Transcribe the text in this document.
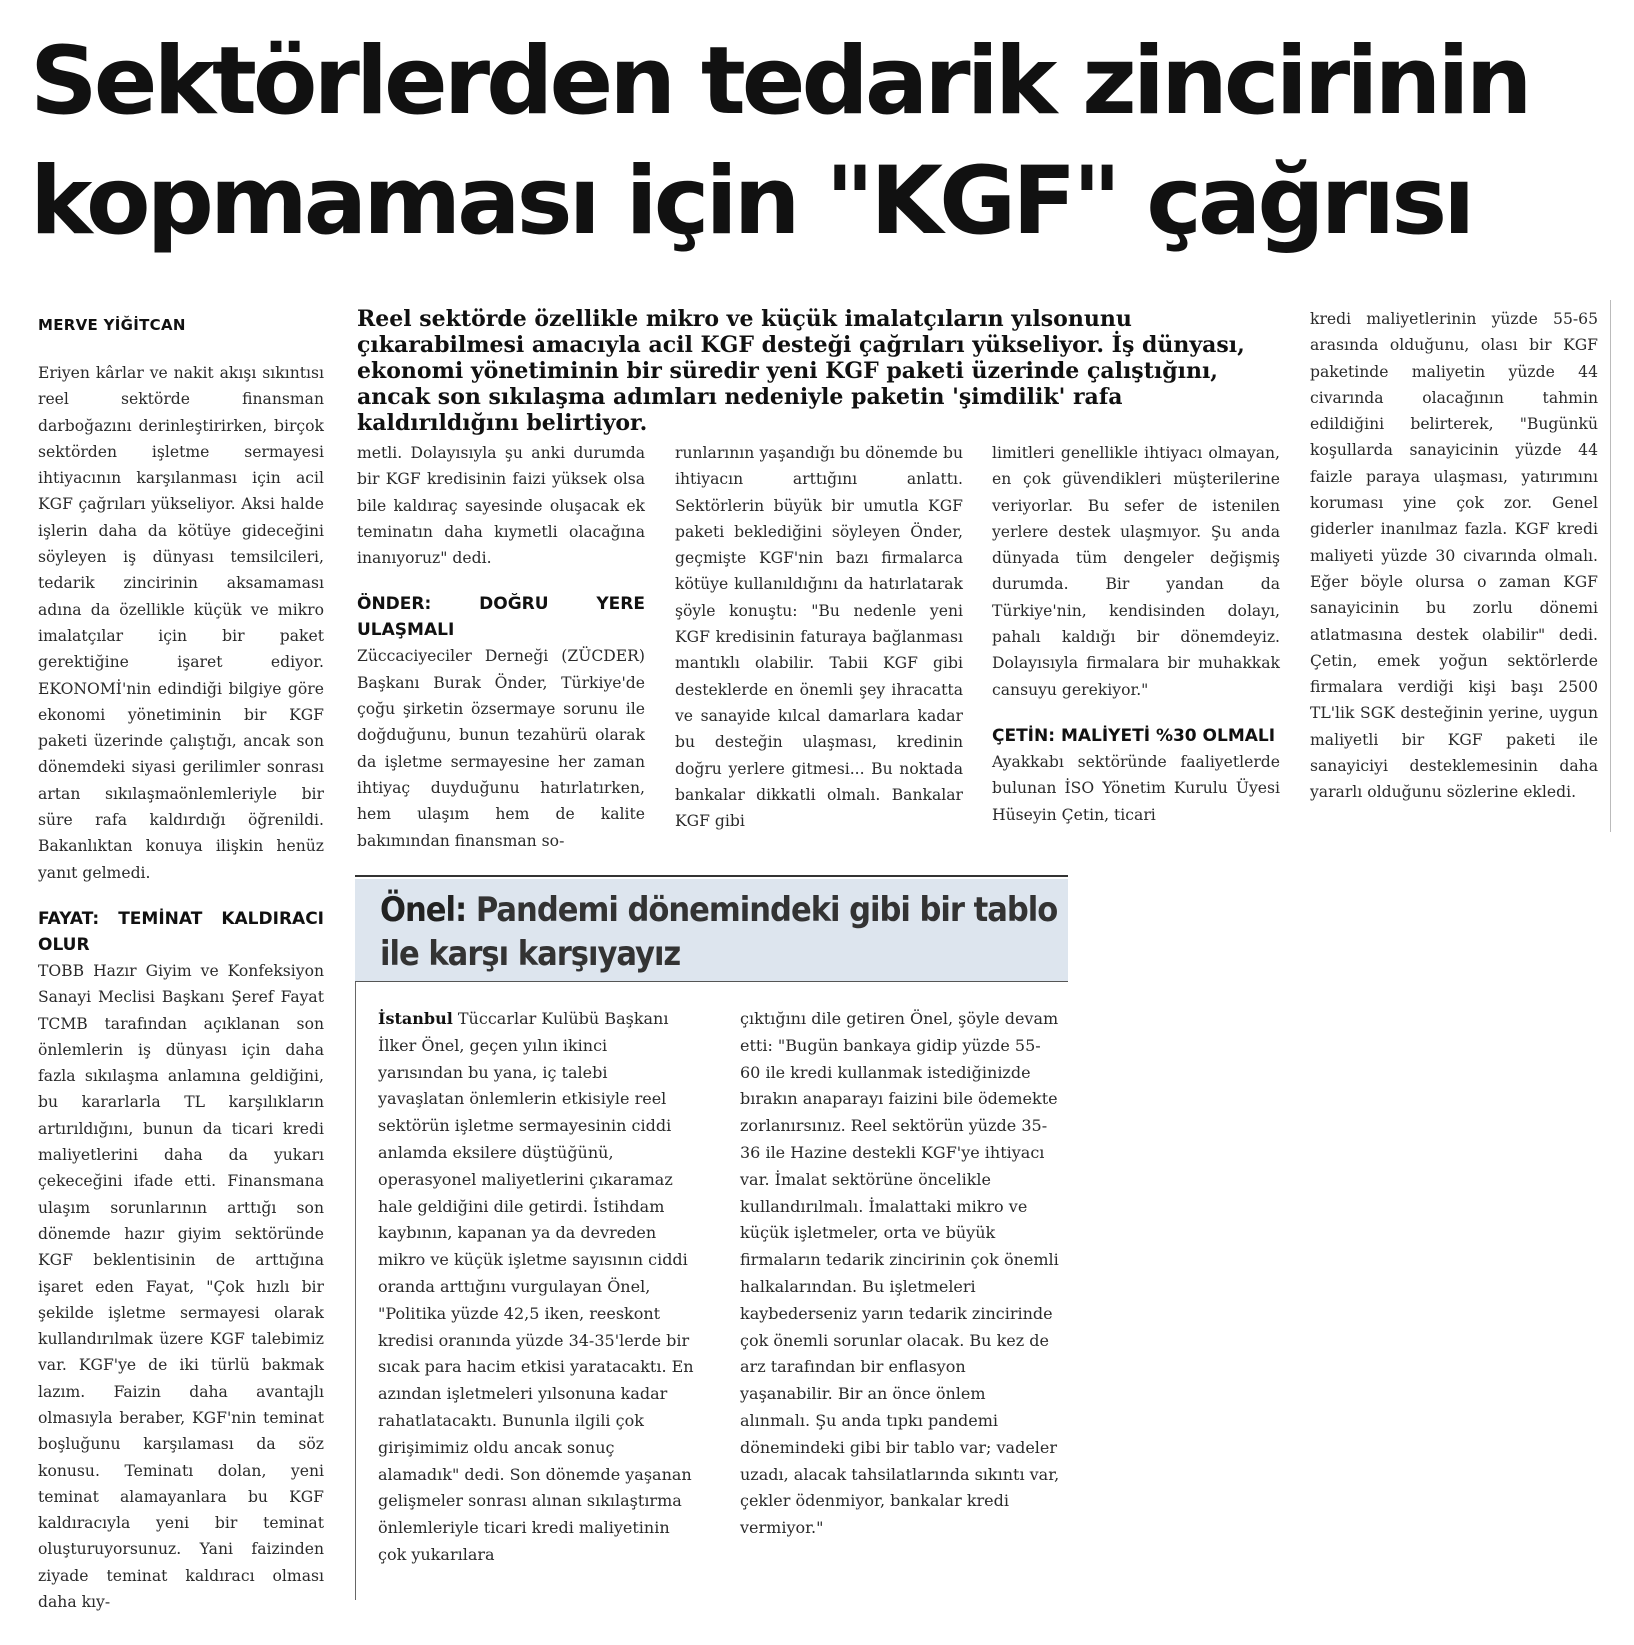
Sektörlerden tedarik zincirinin kopmaması için "KGF" çağrısı
MERVE YİĞİTCAN	Reel sektörde özellikle mikro ve küçük imalatçıların yılsonunu çıkarabilmesi amacıyla acil KGF desteği çağrıları yükseliyor. İş dünyası, ekonomi yönetiminin bir süredir yeni KGF paketi üzerinde çalıştığını, ancak son sıkılaşma adımları nedeniyle paketin 'şimdilik' rafa kaldırıldığını belirtiyor.

Eriyen kârlar ve nakit akışı sıkıntısı reel sektörde finansman darboğazını derinleştirirken, birçok sektörden işletme sermayesi ihtiyacının karşılanması için acil KGF çağrıları yükseliyor. Aksi halde işlerin daha da kötüye gideceğini söyleyen iş dünyası temsilcileri, tedarik zincirinin aksamaması adına da özellikle küçük ve mikro imalatçılar için bir paket gerektiğine işaret ediyor. EKONOMİ'nin edindiği bilgiye göre ekonomi yönetiminin bir KGF paketi üzerinde çalıştığı, ancak son dönemdeki siyasi gerilimler sonrası artan sıkılaşmaönlemleriyle bir süre rafa kaldırdığı öğrenildi. Bakanlıktan konuya ilişkin henüz yanıt gelmedi.

FAYAT: TEMİNAT KALDIRACI OLUR

TOBB Hazır Giyim ve Konfeksiyon Sanayi Meclisi Başkanı Şeref Fayat TCMB tarafından açıklanan son önlemlerin iş dünyası için daha fazla sıkılaşma anlamına geldiğini, bu kararlarla TL karşılıkların artırıldığını, bunun da ticari kredi maliyetlerini daha da yukarı çekeceğini ifade etti. Finansmana ulaşım sorunlarının arttığı son dönemde hazır giyim sektöründe KGF beklentisinin de arttığına işaret eden Fayat, "Çok hızlı bir şekilde işletme sermayesi olarak kullandırılmak üzere KGF talebimiz var. KGF'ye de iki türlü bakmak lazım. Faizin daha avantajlı olmasıyla beraber, KGF'nin teminat boşluğunu karşılaması da söz konusu. Teminatı dolan, yeni teminat alamayanlara bu KGF kaldıracıyla yeni bir teminat oluşturuyorsunuz. Yani faizinden ziyade teminat kaldıracı olması daha kıy-

metli. Dolayısıyla şu anki durumda bir KGF kredisinin faizi yüksek olsa bile kaldıraç sayesinde oluşacak ek teminatın daha kıymetli olacağına inanıyoruz" dedi.

ÖNDER: DOĞRU YERE ULAŞMALI

Züccaciyeciler Derneği (ZÜCDER) Başkanı Burak Önder, Türkiye'de çoğu şirketin özsermaye sorunu ile doğduğunu, bunun tezahürü olarak da işletme sermayesine her zaman ihtiyaç duyduğunu hatırlatırken, hem ulaşım hem de kalite bakımından finansman so-

runlarının yaşandığı bu dönemde bu ihtiyacın arttığını anlattı. Sektörlerin büyük bir umutla KGF paketi beklediğini söyleyen Önder, geçmişte KGF'nin bazı firmalarca kötüye kullanıldığını da hatırlatarak şöyle konuştu: "Bu nedenle yeni KGF kredisinin faturaya bağlanması mantıklı olabilir. Tabii KGF gibi desteklerde en önemli şey ihracatta ve sanayide kılcal damarlara kadar bu desteğin ulaşması, kredinin doğru yerlere gitmesi... Bu noktada bankalar dikkatli olmalı. Bankalar KGF gibi

limitleri genellikle ihtiyacı olmayan, en çok güvendikleri müşterilerine veriyorlar. Bu sefer de istenilen yerlere destek ulaşmıyor. Şu anda dünyada tüm dengeler değişmiş durumda. Bir yandan da Türkiye'nin, kendisinden dolayı, pahalı kaldığı bir dönemdeyiz. Dolayısıyla firmalara bir muhakkak cansuyu gerekiyor."

ÇETİN: MALİYETİ %30 OLMALI

Ayakkabı sektöründe faaliyetlerde bulunan İSO Yönetim Kurulu Üyesi Hüseyin Çetin, ticari

kredi maliyetlerinin yüzde 55-65 arasında olduğunu, olası bir KGF paketinde maliyetin yüzde 44 civarında olacağının tahmin edildiğini belirterek, "Bugünkü koşullarda sanayicinin yüzde 44 faizle paraya ulaşması, yatırımını koruması yine çok zor. Genel giderler inanılmaz fazla. KGF kredi maliyeti yüzde 30 civarında olmalı. Eğer böyle olursa o zaman KGF sanayicinin bu zorlu dönemi atlatmasına destek olabilir" dedi. Çetin, emek yoğun sektörlerde firmalara verdiği kişi başı 2500 TL'lik SGK desteğinin yerine, uygun maliyetli bir KGF paketi ile sanayiciyi desteklemesinin daha yararlı olduğunu sözlerine ekledi.

Önel: Pandemi dönemindeki gibi bir tablo ile karşı karşıyayız

İstanbul Tüccarlar Kulübü Başkanı İlker Önel, geçen yılın ikinci yarısından bu yana, iç talebi yavaşlatan önlemlerin etkisiyle reel sektörün işletme sermayesinin ciddi anlamda eksilere düştüğünü, operasyonel maliyetlerini çıkaramaz hale geldiğini dile getirdi. İstihdam kaybının, kapanan ya da devreden mikro ve küçük işletme sayısının ciddi oranda arttığını vurgulayan Önel, "Politika yüzde 42,5 iken, reeskont kredisi oranında yüzde 34-35'lerde bir sıcak para hacim etkisi yaratacaktı. En azından işletmeleri yılsonuna kadar rahatlatacaktı. Bununla ilgili çok girişimimiz oldu ancak sonuç alamadık" dedi. Son dönemde yaşanan gelişmeler sonrası alınan sıkılaştırma önlemleriyle ticari kredi maliyetinin çok yukarılara

çıktığını dile getiren Önel, şöyle devam etti: "Bugün bankaya gidip yüzde 55-60 ile kredi kullanmak istediğinizde bırakın anaparayı faizini bile ödemekte zorlanırsınız. Reel sektörün yüzde 35-36 ile Hazine destekli KGF'ye ihtiyacı var. İmalat sektörüne öncelikle kullandırılmalı. İmalattaki mikro ve küçük işletmeler, orta ve büyük firmaların tedarik zincirinin çok önemli halkalarından. Bu işletmeleri kaybederseniz yarın tedarik zincirinde çok önemli sorunlar olacak. Bu kez de arz tarafından bir enflasyon yaşanabilir. Bir an önce önlem alınmalı. Şu anda tıpkı pandemi dönemindeki gibi bir tablo var; vadeler uzadı, alacak tahsilatlarında sıkıntı var, çekler ödenmiyor, bankalar kredi vermiyor."
